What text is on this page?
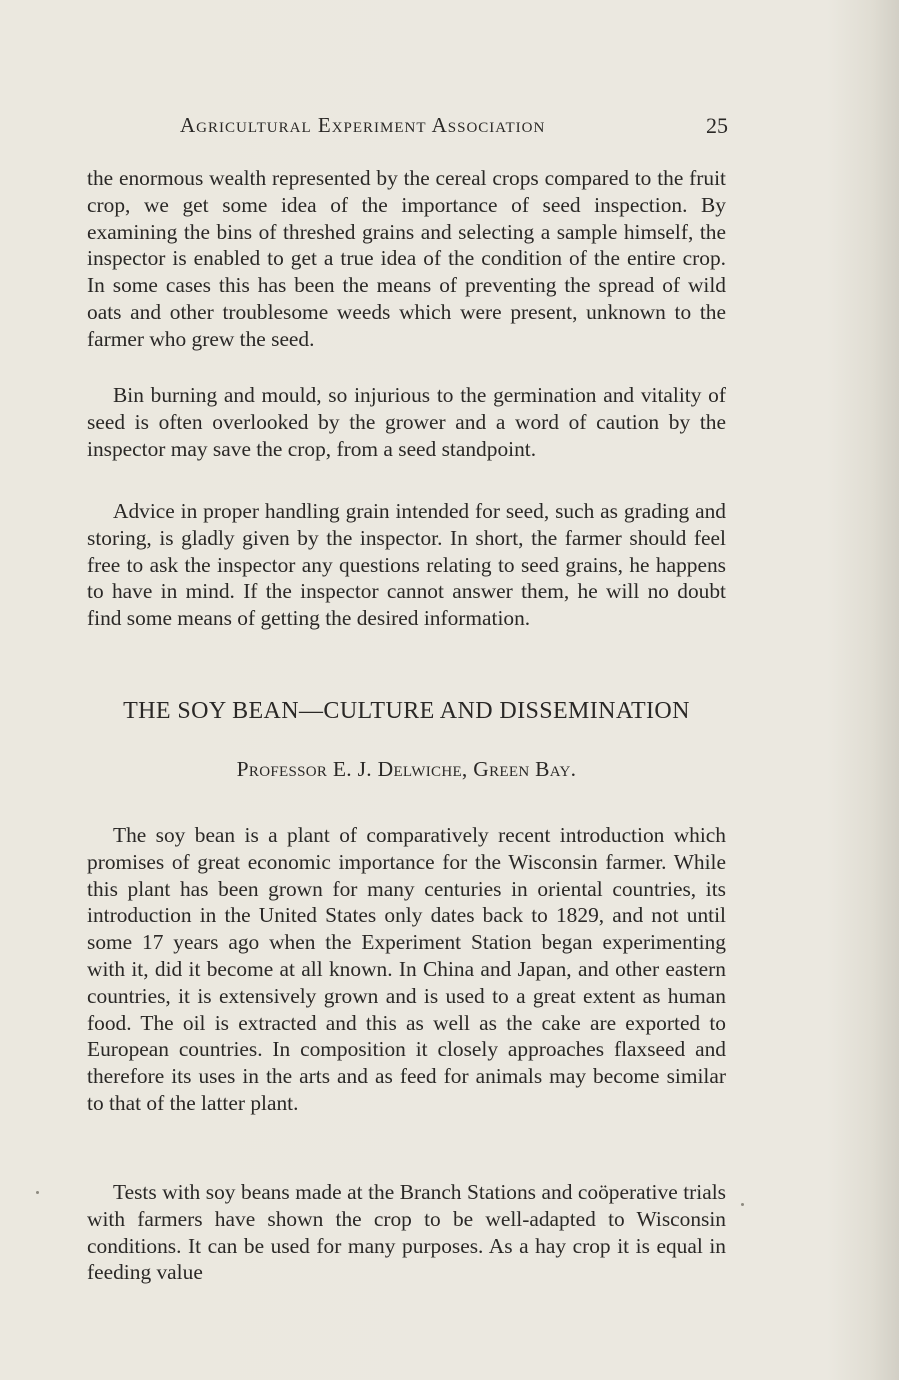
Agricultural Experiment Association	25

the enormous wealth represented by the cereal crops compared to the fruit crop, we get some idea of the importance of seed inspection. By examining the bins of threshed grains and selecting a sample himself, the inspector is enabled to get a true idea of the condition of the entire crop. In some cases this has been the means of preventing the spread of wild oats and other troublesome weeds which were present, unknown to the farmer who grew the seed.

Bin burning and mould, so injurious to the germination and vitality of seed is often overlooked by the grower and a word of caution by the inspector may save the crop, from a seed standpoint.

Advice in proper handling grain intended for seed, such as grading and storing, is gladly given by the inspector. In short, the farmer should feel free to ask the inspector any questions relating to seed grains, he happens to have in mind. If the inspector cannot answer them, he will no doubt find some means of getting the desired information.

THE SOY BEAN—CULTURE AND DISSEMINATION

Professor E. J. Delwiche, Green Bay.

The soy bean is a plant of comparatively recent introduction which promises of great economic importance for the Wisconsin farmer. While this plant has been grown for many centuries in oriental countries, its introduction in the United States only dates back to 1829, and not until some 17 years ago when the Experiment Station began experimenting with it, did it become at all known. In China and Japan, and other eastern countries, it is extensively grown and is used to a great extent as human food. The oil is extracted and this as well as the cake are exported to European countries. In composition it closely approaches flaxseed and therefore its uses in the arts and as feed for animals may become similar to that of the latter plant.

Tests with soy beans made at the Branch Stations and coöperative trials with farmers have shown the crop to be well-adapted to Wisconsin conditions. It can be used for many purposes. As a hay crop it is equal in feeding value
